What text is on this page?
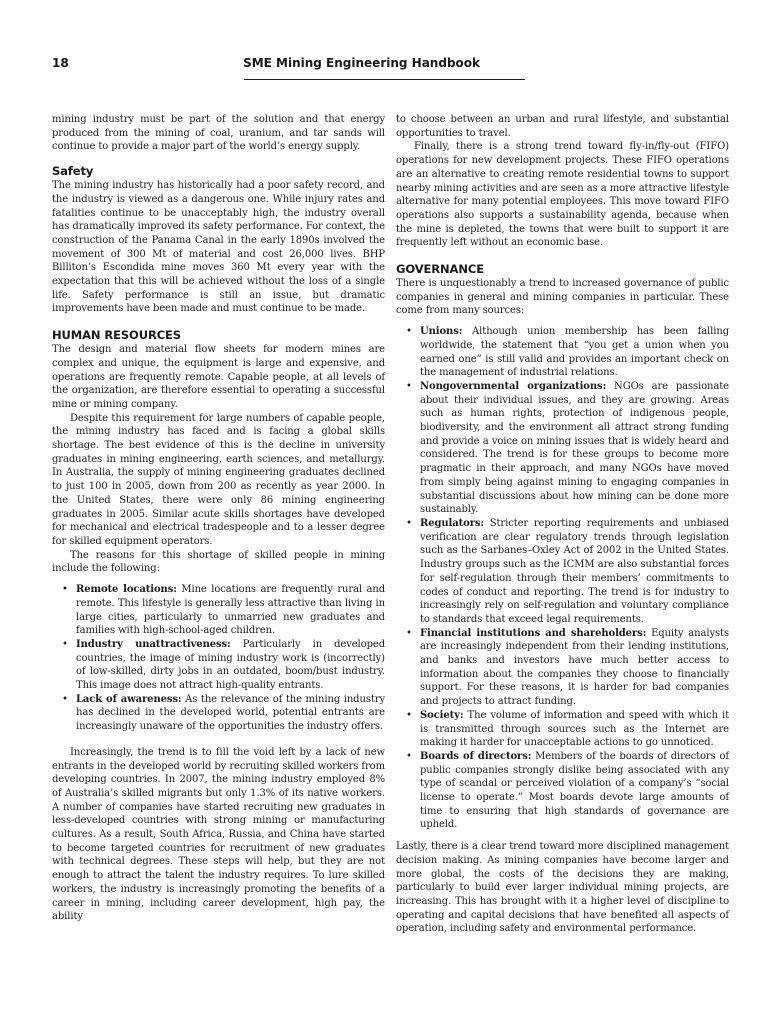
18	SME Mining Engineering Handbook

mining industry must be part of the solution and that energy produced from the mining of coal, uranium, and tar sands will continue to provide a major part of the world’s energy supply.

Safety

The mining industry has historically had a poor safety record, and the industry is viewed as a dangerous one. While injury rates and fatalities continue to be unacceptably high, the industry overall has dramatically improved its safety performance. For context, the construction of the Panama Canal in the early 1890s involved the movement of 300 Mt of material and cost 26,000 lives. BHP Billiton’s Escondida mine moves 360 Mt every year with the expectation that this will be achieved without the loss of a single life. Safety performance is still an issue, but dramatic improvements have been made and must continue to be made.

HUMAN RESOURCES

The design and material flow sheets for modern mines are complex and unique, the equipment is large and expensive, and operations are frequently remote. Capable people, at all levels of the organization, are therefore essential to operating a successful mine or mining company.

Despite this requirement for large numbers of capable people, the mining industry has faced and is facing a global skills shortage. The best evidence of this is the decline in university graduates in mining engineering, earth sciences, and metallurgy. In Australia, the supply of mining engineering graduates declined to just 100 in 2005, down from 200 as recently as year 2000. In the United States, there were only 86 mining engineering graduates in 2005. Similar acute skills shortages have developed for mechanical and electrical tradespeople and to a lesser degree for skilled equipment operators.

The reasons for this shortage of skilled people in mining include the following:

• Remote locations: Mine locations are frequently rural and remote. This lifestyle is generally less attractive than living in large cities, particularly to unmarried new graduates and families with high-school-aged children.
• Industry unattractiveness: Particularly in developed countries, the image of mining industry work is (incorrectly) of low-skilled, dirty jobs in an outdated, boom/bust industry. This image does not attract high-quality entrants.
• Lack of awareness: As the relevance of the mining industry has declined in the developed world, potential entrants are increasingly unaware of the opportunities the industry offers.

Increasingly, the trend is to fill the void left by a lack of new entrants in the developed world by recruiting skilled workers from developing countries. In 2007, the mining industry employed 8% of Australia’s skilled migrants but only 1.3% of its native workers. A number of companies have started recruiting new graduates in less-developed countries with strong mining or manufacturing cultures. As a result, South Africa, Russia, and China have started to become targeted countries for recruitment of new graduates with technical degrees. These steps will help, but they are not enough to attract the talent the industry requires. To lure skilled workers, the industry is increasingly promoting the benefits of a career in mining, including career development, high pay, the ability

to choose between an urban and rural lifestyle, and substantial opportunities to travel.

Finally, there is a strong trend toward fly-in/fly-out (FIFO) operations for new development projects. These FIFO operations are an alternative to creating remote residential towns to support nearby mining activities and are seen as a more attractive lifestyle alternative for many potential employees. This move toward FIFO operations also supports a sustainability agenda, because when the mine is depleted, the towns that were built to support it are frequently left without an economic base.

GOVERNANCE

There is unquestionably a trend to increased governance of public companies in general and mining companies in particular. These come from many sources:

• Unions: Although union membership has been falling worldwide, the statement that “you get a union when you earned one” is still valid and provides an important check on the management of industrial relations.
• Nongovernmental organizations: NGOs are passionate about their individual issues, and they are growing. Areas such as human rights, protection of indigenous people, biodiversity, and the environment all attract strong funding and provide a voice on mining issues that is widely heard and considered. The trend is for these groups to become more pragmatic in their approach, and many NGOs have moved from simply being against mining to engaging companies in substantial discussions about how mining can be done more sustainably.
• Regulators: Stricter reporting requirements and unbiased verification are clear regulatory trends through legislation such as the Sarbanes–Oxley Act of 2002 in the United States. Industry groups such as the ICMM are also substantial forces for self-regulation through their members’ commitments to codes of conduct and reporting. The trend is for industry to increasingly rely on self-regulation and voluntary compliance to standards that exceed legal requirements.
• Financial institutions and shareholders: Equity analysts are increasingly independent from their lending institutions, and banks and investors have much better access to information about the companies they choose to financially support. For these reasons, it is harder for bad companies and projects to attract funding.
• Society: The volume of information and speed with which it is transmitted through sources such as the Internet are making it harder for unacceptable actions to go unnoticed.
• Boards of directors: Members of the boards of directors of public companies strongly dislike being associated with any type of scandal or perceived violation of a company’s “social license to operate.” Most boards devote large amounts of time to ensuring that high standards of governance are upheld.

Lastly, there is a clear trend toward more disciplined management decision making. As mining companies have become larger and more global, the costs of the decisions they are making, particularly to build ever larger individual mining projects, are increasing. This has brought with it a higher level of discipline to operating and capital decisions that have benefited all aspects of operation, including safety and environmental performance.
